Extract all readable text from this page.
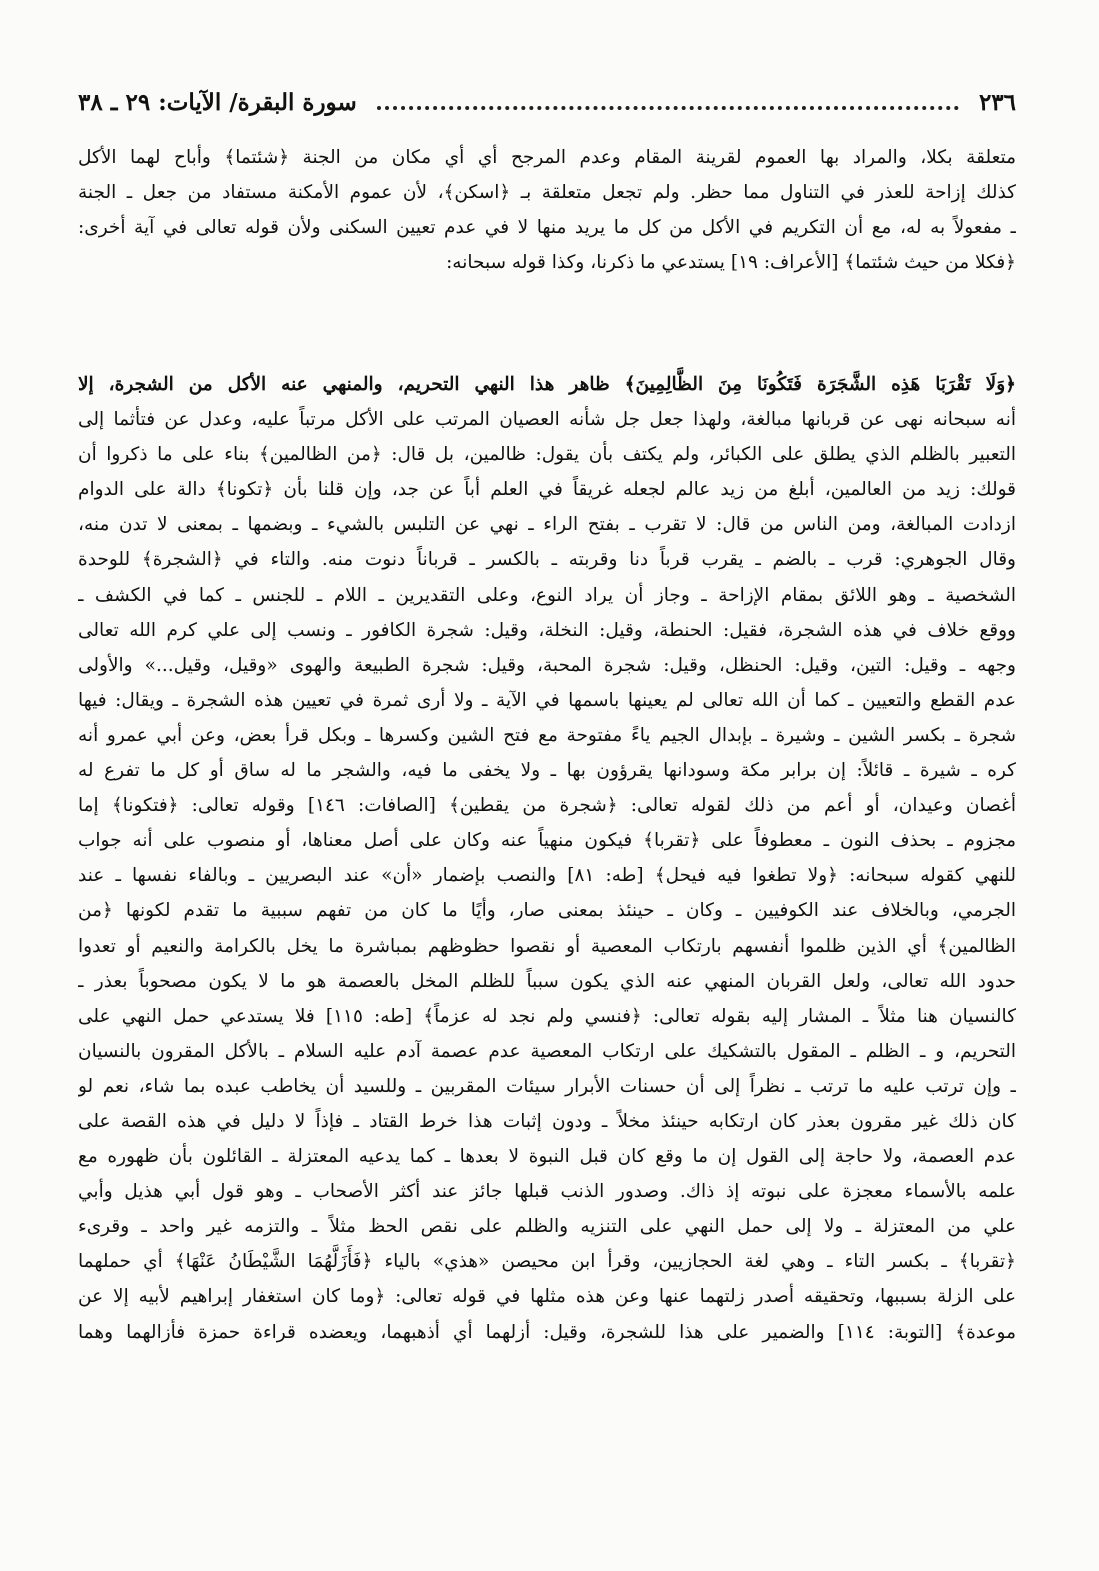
٢٣٦
سورة البقرة/ الآيات: ٢٩ ـ ٣٨
متعلقة بكلا، والمراد بها العموم لقرينة المقام وعدم المرجح أي أي مكان من الجنة ﴿شئتما﴾ وأباح لهما الأكل
كذلك إزاحة للعذر في التناول مما حظر. ولم تجعل متعلقة بـ ﴿اسكن﴾، لأن عموم الأمكنة مستفاد من جعل ـ الجنة
ـ مفعولاً به له، مع أن التكريم في الأكل من كل ما يريد منها لا في عدم تعيين السكنى ولأن قوله تعالى في آية أخرى:
﴿فكلا من حيث شئتما﴾ [الأعراف: ١٩] يستدعي ما ذكرنا، وكذا قوله سبحانه:
﴿وَلَا تَقْرَبَا هَذِه الشَّجَرَة فَتَكُونَا مِنَ الظَّالِمِينَ﴾ ظاهر هذا النهي التحريم، والمنهي عنه الأكل من الشجرة، إلا
أنه سبحانه نهى عن قربانها مبالغة، ولهذا جعل جل شأنه العصيان المرتب على الأكل مرتباً عليه، وعدل عن فتأثما إلى
التعبير بالظلم الذي يطلق على الكبائر، ولم يكتف بأن يقول: ظالمين، بل قال: ﴿من الظالمين﴾ بناء على ما ذكروا أن
قولك: زيد من العالمين، أبلغ من زيد عالم لجعله غريقاً في العلم أباً عن جد، وإن قلنا بأن ﴿تكونا﴾ دالة على الدوام
ازدادت المبالغة، ومن الناس من قال: لا تقرب ـ بفتح الراء ـ نهي عن التلبس بالشيء ـ وبضمها ـ بمعنى لا تدن منه،
وقال الجوهري: قرب ـ بالضم ـ يقرب قرباً دنا وقربته ـ بالكسر ـ قرباناً دنوت منه. والتاء في ﴿الشجرة﴾ للوحدة
الشخصية ـ وهو اللائق بمقام الإزاحة ـ وجاز أن يراد النوع، وعلى التقديرين ـ اللام ـ للجنس ـ كما في الكشف ـ
ووقع خلاف في هذه الشجرة، فقيل: الحنطة، وقيل: النخلة، وقيل: شجرة الكافور ـ ونسب إلى علي كرم الله تعالى
وجهه ـ وقيل: التين، وقيل: الحنظل، وقيل: شجرة المحبة، وقيل: شجرة الطبيعة والهوى «وقيل، وقيل...» والأولى
عدم القطع والتعيين ـ كما أن الله تعالى لم يعينها باسمها في الآية ـ ولا أرى ثمرة في تعيين هذه الشجرة ـ ويقال: فيها
شجرة ـ بكسر الشين ـ وشيرة ـ بإبدال الجيم ياءً مفتوحة مع فتح الشين وكسرها ـ وبكل قرأ بعض، وعن أبي عمرو أنه
كره ـ شيرة ـ قائلاً: إن برابر مكة وسودانها يقرؤون بها ـ ولا يخفى ما فيه، والشجر ما له ساق أو كل ما تفرع له
أغصان وعيدان، أو أعم من ذلك لقوله تعالى: ﴿شجرة من يقطين﴾ [الصافات: ١٤٦] وقوله تعالى: ﴿فتكونا﴾ إما
مجزوم ـ بحذف النون ـ معطوفاً على ﴿تقربا﴾ فيكون منهياً عنه وكان على أصل معناها، أو منصوب على أنه جواب
للنهي كقوله سبحانه: ﴿ولا تطغوا فيه فيحل﴾ [طه: ٨١] والنصب بإضمار «أن» عند البصريين ـ وبالفاء نفسها ـ عند
الجرمي، وبالخلاف عند الكوفيين ـ وكان ـ حينئذ بمعنى صار، وأيًا ما كان من تفهم سببية ما تقدم لكونها ﴿من
الظالمين﴾ أي الذين ظلموا أنفسهم بارتكاب المعصية أو نقصوا حظوظهم بمباشرة ما يخل بالكرامة والنعيم أو تعدوا
حدود الله تعالى، ولعل القربان المنهي عنه الذي يكون سبباً للظلم المخل بالعصمة هو ما لا يكون مصحوباً بعذر ـ
كالنسيان هنا مثلاً ـ المشار إليه بقوله تعالى: ﴿فنسي ولم نجد له عزماً﴾ [طه: ١١٥] فلا يستدعي حمل النهي على
التحريم، و ـ الظلم ـ المقول بالتشكيك على ارتكاب المعصية عدم عصمة آدم عليه السلام ـ بالأكل المقرون بالنسيان
ـ وإن ترتب عليه ما ترتب ـ نظراً إلى أن حسنات الأبرار سيئات المقربين ـ وللسيد أن يخاطب عبده بما شاء، نعم لو
كان ذلك غير مقرون بعذر كان ارتكابه حينئذ مخلاً ـ ودون إثبات هذا خرط القتاد ـ فإذاً لا دليل في هذه القصة على
عدم العصمة، ولا حاجة إلى القول إن ما وقع كان قبل النبوة لا بعدها ـ كما يدعيه المعتزلة ـ القائلون بأن ظهوره مع
علمه بالأسماء معجزة على نبوته إذ ذاك. وصدور الذنب قبلها جائز عند أكثر الأصحاب ـ وهو قول أبي هذيل وأبي
علي من المعتزلة ـ ولا إلى حمل النهي على التنزيه والظلم على نقص الحظ مثلاً ـ والتزمه غير واحد ـ وقرىء
﴿تقربا﴾ ـ بكسر التاء ـ وهي لغة الحجازيين، وقرأ ابن محيصن «هذي» بالياء ﴿فَأَزَلَّهُمَا الشَّيْطَانُ عَنْهَا﴾ أي حملهما
على الزلة بسببها، وتحقيقه أصدر زلتهما عنها وعن هذه مثلها في قوله تعالى: ﴿وما كان استغفار إبراهيم لأبيه إلا عن
موعدة﴾ [التوبة: ١١٤] والضمير على هذا للشجرة، وقيل: أزلهما أي أذهبهما، ويعضده قراءة حمزة فأزالهما وهما
